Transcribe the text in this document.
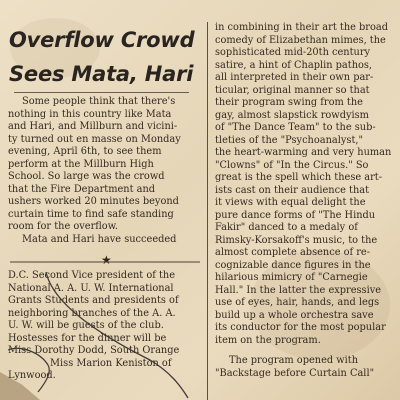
Overflow Crowd
Sees Mata, Hari
Some people think that there's
nothing in this country like Mata
and Hari, and Millburn and vicini-
ty turned out en masse on Monday
evening, April 6th, to see them
perform at the Millburn High
School. So large was the crowd
that the Fire Department and
ushers worked 20 minutes beyond
curtain time to find safe standing
room for the overflow.
Mata and Hari have succeeded
★
D.C. Second Vice president of the
National A. A. U. W. International
Grants Students and presidents of
neighboring branches of the A. A.
U. W. will be guests of the club.
Hostesses for the dinner will be
Miss Dorothy Dodd, South Orange
Miss Marion Keniston of
Lynwood.
in combining in their art the broad
comedy of Elizabethan mimes, the
sophisticated mid-20th century
satire, a hint of Chaplin pathos,
all interpreted in their own par-
ticular, original manner so that
their program swing from the
gay, almost slapstick rowdyism
of "The Dance Team" to the sub-
tleties of the "Psychoanalyst,"
the heart-warming and very human
"Clowns" of "In the Circus." So
great is the spell which these art-
ists cast on their audience that
it views with equal delight the
pure dance forms of "The Hindu
Fakir" danced to a medaly of
Rimsky-Korsakoff's music, to the
almost complete absence of re-
cognizable dance figures in the
hilarious mimicry of "Carnegie
Hall." In the latter the expressive
use of eyes, hair, hands, and legs
build up a whole orchestra save
its conductor for the most popular
item on the program.
The program opened with
"Backstage before Curtain Call"
